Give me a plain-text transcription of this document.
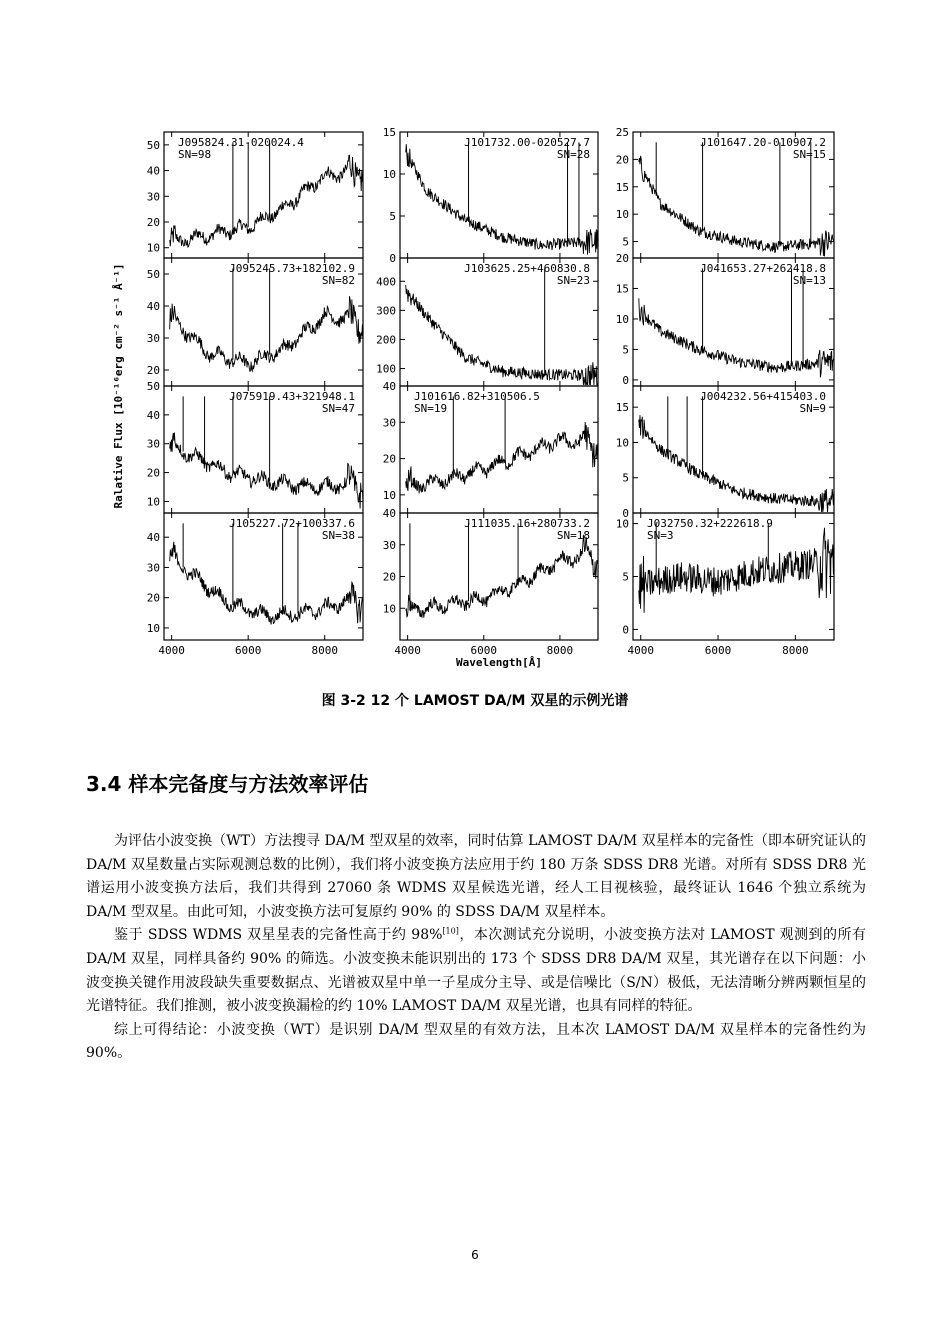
10
20
30
40
50 J095824.31-020024.4
SN=98
0
5
10
15
J101732.00-020527.7
SN=28
5
10
15
20
25
J101647.20-010907.2
SN=15
20
30
40
50	J095245.73+182102.9
SN=82
100
200
300
400
J103625.25+460830.8
SN=23
0
5
10
15
20
J041653.27+262418.8
SN=13
10
20
30
40
50
J075919.43+321948.1
SN=47
10
20
30
40
J101616.82+310506.5
SN=19
0
5
10
15
J004232.56+415403.0
SN=9
10
20
30
40
4000	6000	8000
J105227.72+100337.6
SN=38
10
20
30
40
4000	6000	8000
J111035.16+280733.2
SN=18
0
5
10
4000	6000	8000
J032750.32+222618.9
SN=3
Wavelength[Å]
Ralative Flux [10⁻¹⁶erg cm⁻² s⁻¹ Å⁻¹]
图 3-2 12 个 LAMOST DA/M 双星的示例光谱
3.4 样本完备度与方法效率评估

为评估小波变换（WT）方法搜寻 DA/M 型双星的效率，同时估算 LAMOST DA/M 双星样本的完备性（即本研究证认的 DA/M 双星数量占实际观测总数的比例），我们将小波变换方法应用于约 180 万条 SDSS DR8 光谱。对所有 SDSS DR8 光谱运用小波变换方法后，我们共得到 27060 条 WDMS 双星候选光谱，经人工目视核验，最终证认 1646 个独立系统为 DA/M 型双星。由此可知，小波变换方法可复原约 90% 的 SDSS DA/M 双星样本。

鉴于 SDSS WDMS 双星星表的完备性高于约 98%[10]，本次测试充分说明，小波变换方法对 LAMOST 观测到的所有 DA/M 双星，同样具备约 90% 的筛选。小波变换未能识别出的 173 个 SDSS DR8 DA/M 双星，其光谱存在以下问题：小波变换关键作用波段缺失重要数据点、光谱被双星中单一子星成分主导、或是信噪比（S/N）极低，无法清晰分辨两颗恒星的光谱特征。我们推测，被小波变换漏检的约 10% LAMOST DA/M 双星光谱，也具有同样的特征。

综上可得结论：小波变换（WT）是识别 DA/M 型双星的有效方法，且本次 LAMOST DA/M 双星样本的完备性约为 90%。

6
